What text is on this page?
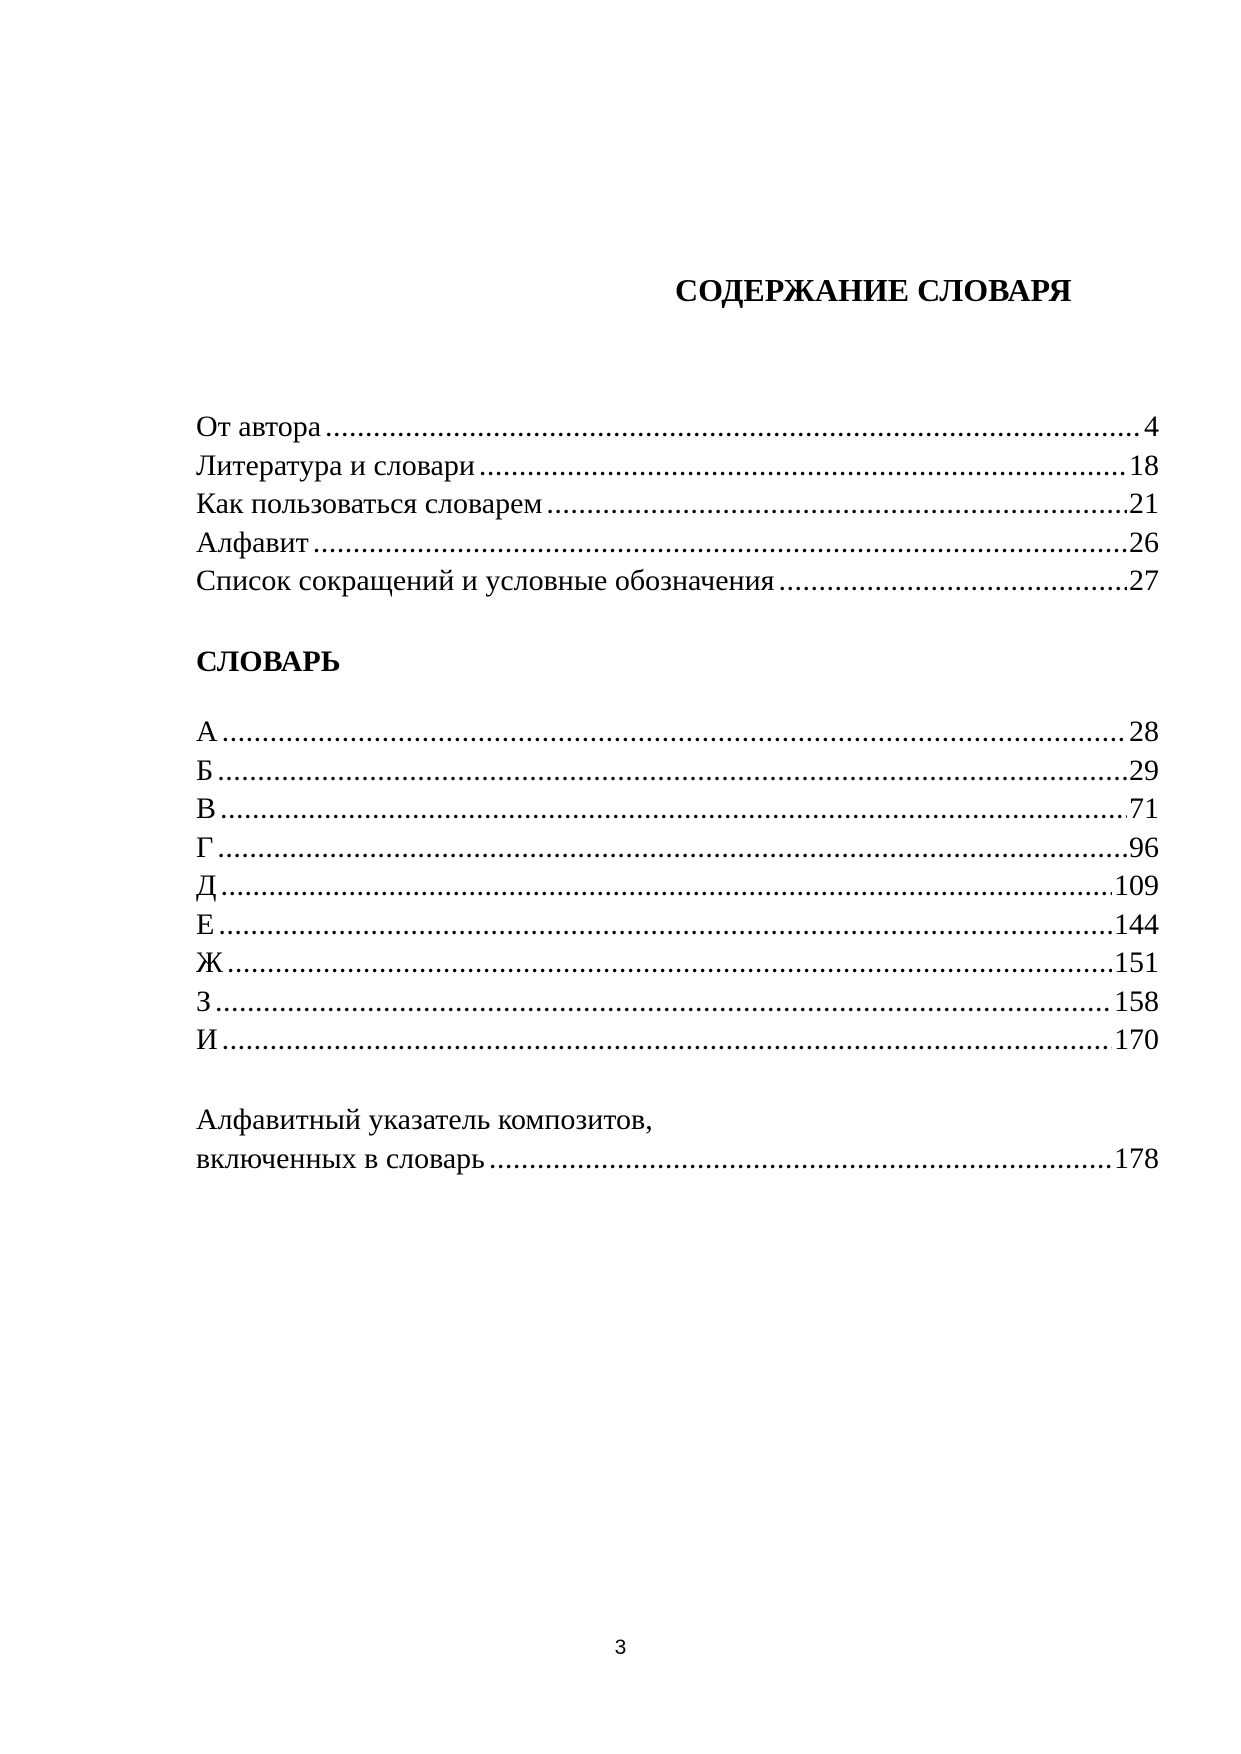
СОДЕРЖАНИЕ СЛОВАРЯ
От автора .....	4
Литература и словари .....	18
Как пользоваться словарем .....	21
Алфавит .....	26
Список сокращений и условные обозначения .....	27
СЛОВАРЬ
А .....	28
Б .....	29
В .....	71
Г .....	96
Д .....	109
Е .....	144
Ж .....	151
З .....	158
И .....	170
Алфавитный указатель композитов,
включенных в словарь .....	178
3
